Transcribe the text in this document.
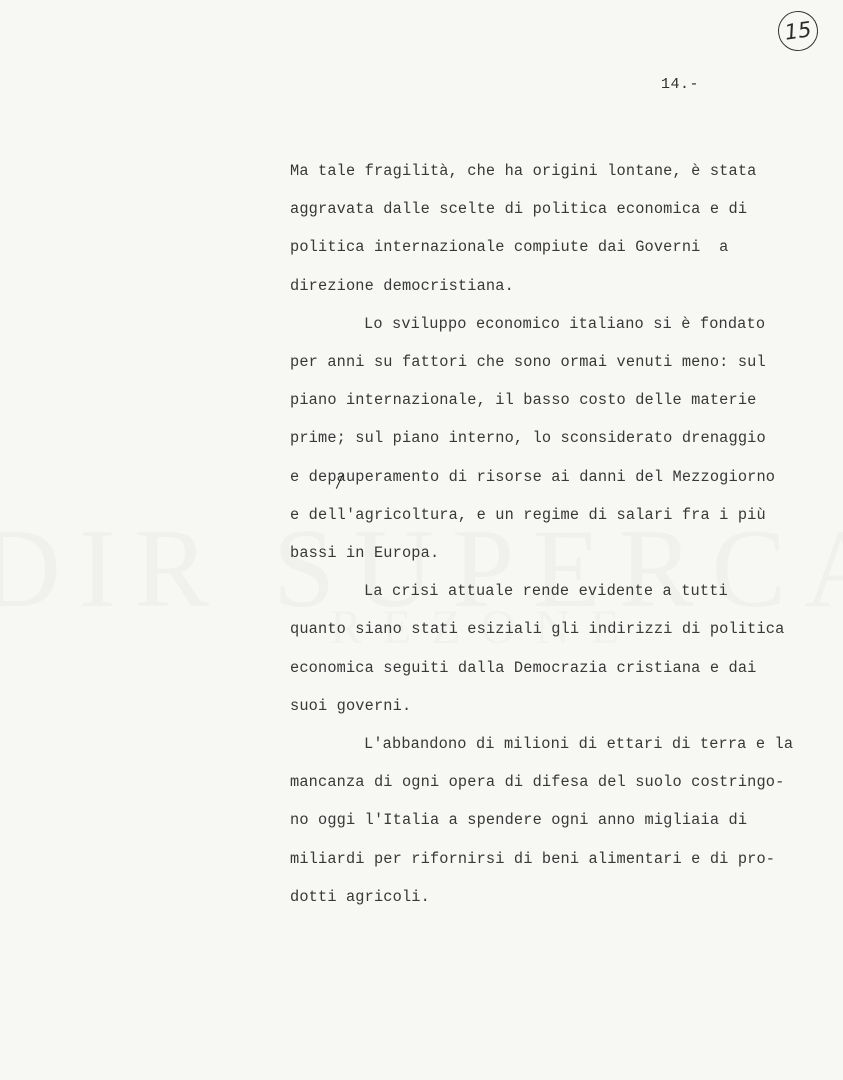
15
14.-

Ma tale fragilità, che ha origini lontane, è stata
aggravata dalle scelte di politica economica e di
politica internazionale compiute dai Governi  a
direzione democristiana.

Lo sviluppo economico italiano si è fondato
per anni su fattori che sono ormai venuti meno: sul
piano internazionale, il basso costo delle materie
prime; sul piano interno, lo sconsiderato drenaggio
e depauperamento di risorse ai danni del Mezzogiorno
e dell'agricoltura, e un regime di salari fra i più
bassi in Europa.

La crisi attuale rende evidente a tutti
quanto siano stati esiziali gli indirizzi di politica
economica seguiti dalla Democrazia cristiana e dai
suoi governi.

L'abbandono di milioni di ettari di terra e la
mancanza di ogni opera di difesa del suolo costringo-
no oggi l'Italia a spendere ogni anno migliaia di
miliardi per rifornirsi di beni alimentari e di pro-
dotti agricoli.
